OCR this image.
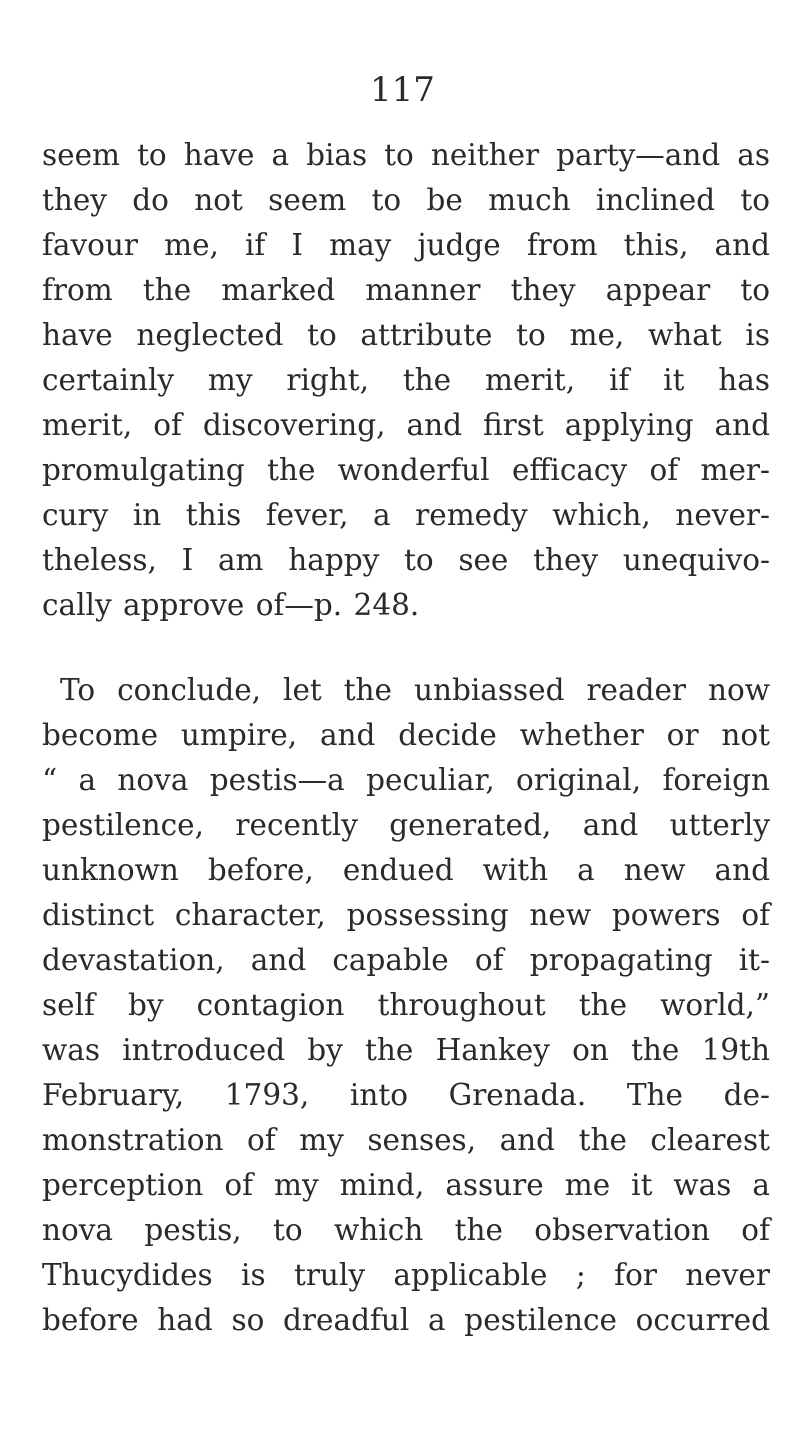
117
seem to have a bias to neither party—and as
they do not seem to be much inclined to
favour me, if I may judge from this, and
from the marked manner they appear to
have neglected to attribute to me, what is
certainly my right, the merit, if it has
merit, of discovering, and first applying and
promulgating the wonderful efficacy of mer-
cury in this fever, a remedy which, never-
theless, I am happy to see they unequivo-
cally approve of—p. 248.
To conclude, let the unbiassed reader now
become umpire, and decide whether or not
“ a nova pestis—a peculiar, original, foreign
pestilence, recently generated, and utterly
unknown before, endued with a new and
distinct character, possessing new powers of
devastation, and capable of propagating it-
self by contagion throughout the world,”
was introduced by the Hankey on the 19th
February, 1793, into Grenada. The de-
monstration of my senses, and the clearest
perception of my mind, assure me it was a
nova pestis, to which the observation of
Thucydides is truly applicable ; for never
before had so dreadful a pestilence occurred
